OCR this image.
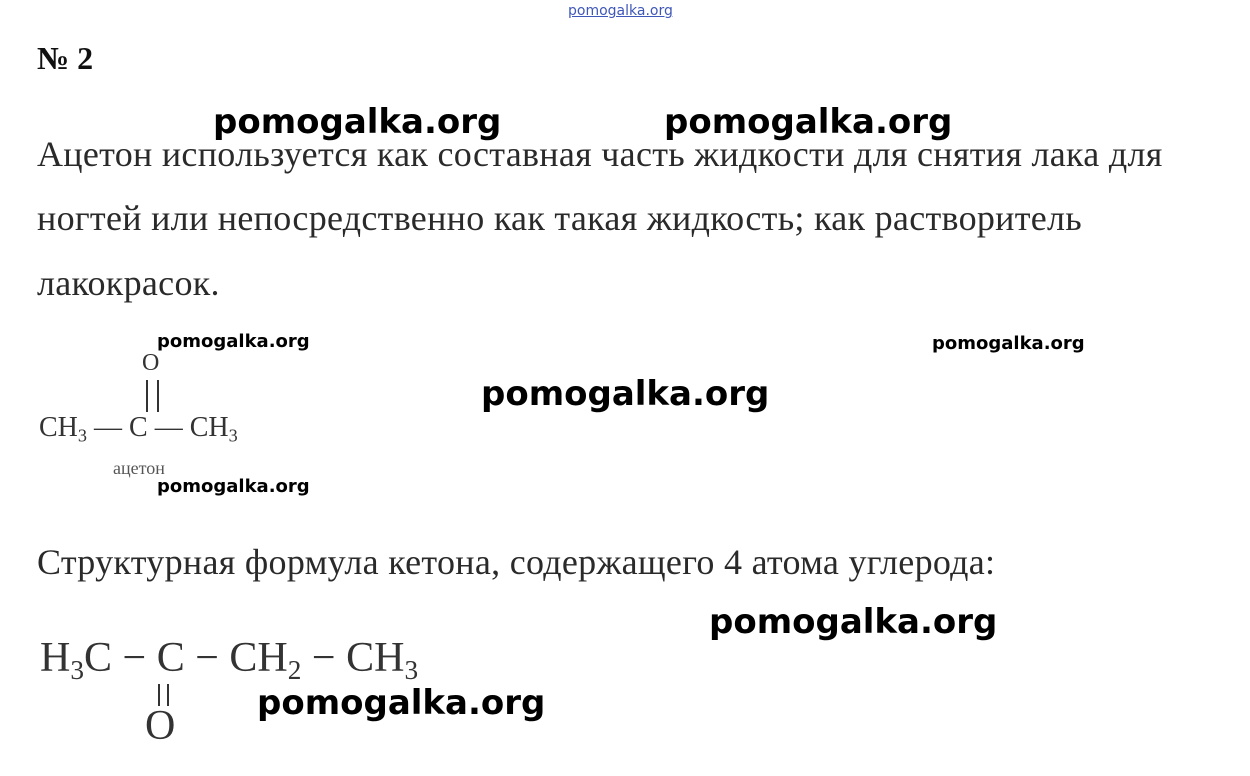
pomogalka.org
№ 2
Ацетон используется как составная часть жидкости для снятия лака для
ногтей или непосредственно как такая жидкость; как растворитель
лакокрасок.
O
$CH_3$ — C — $CH_3$
ацетон
Структурная формула кетона, содержащего 4 атома углерода:
$H_3C - C - CH_2 - CH_3$
O
pomogalka.org	pomogalka.org
pomogalka.org	pomogalka.org
pomogalka.org
pomogalka.org
pomogalka.org
pomogalka.org
